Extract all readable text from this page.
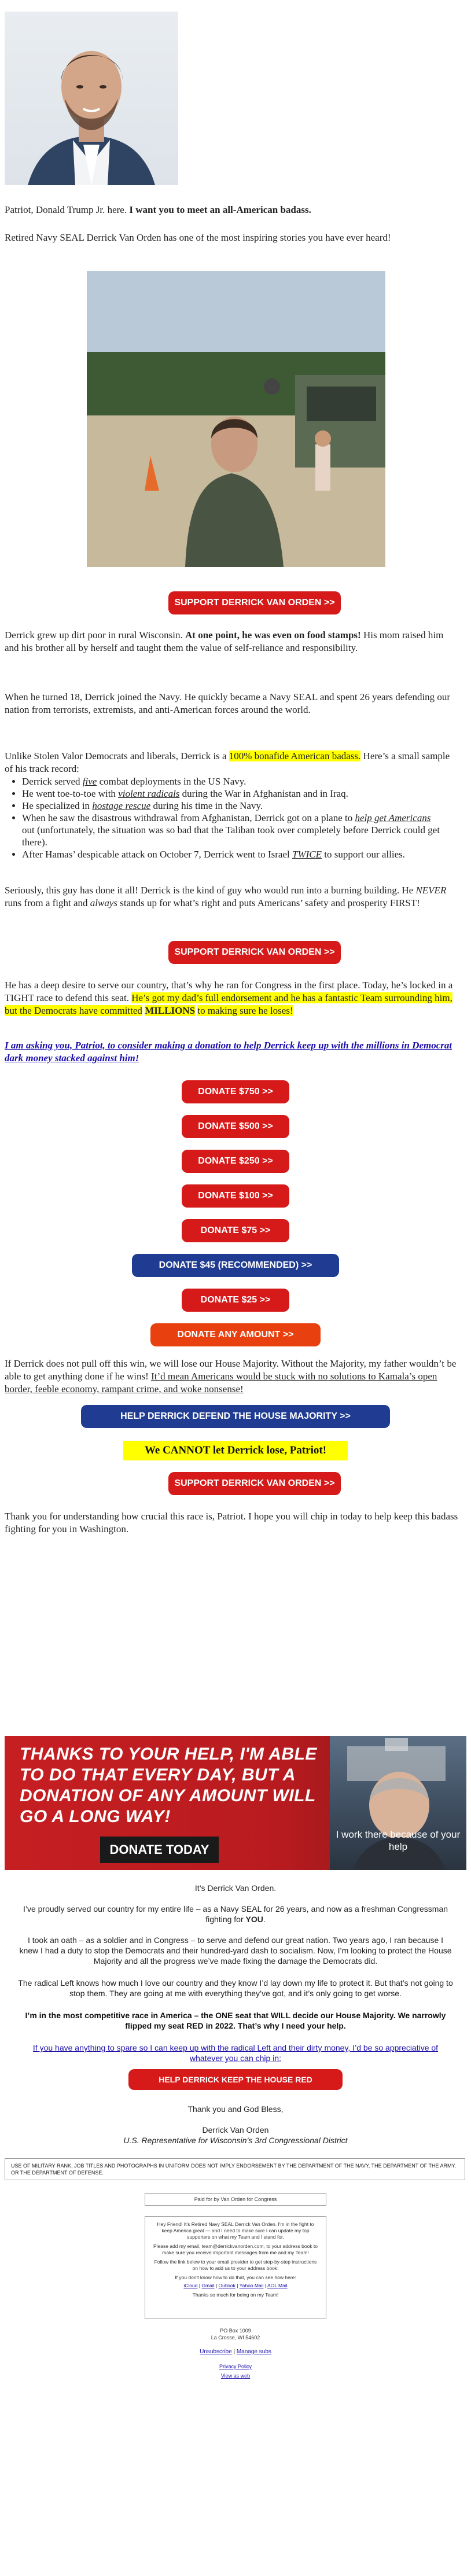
Patriot, Donald Trump Jr. here. I want you to meet an all-American badass.

Retired Navy SEAL Derrick Van Orden has one of the most inspiring stories you have ever heard!

SUPPORT DERRICK VAN ORDEN >>

Derrick grew up dirt poor in rural Wisconsin. At one point, he was even on food stamps! His mom raised him and his brother all by herself and taught them the value of self-reliance and responsibility.

When he turned 18, Derrick joined the Navy. He quickly became a Navy SEAL and spent 26 years defending our nation from terrorists, extremists, and anti-American forces around the world.

Unlike Stolen Valor Democrats and liberals, Derrick is a 100% bonafide American badass. Here’s a small sample of his track record:

• Derrick served five combat deployments in the US Navy.
• He went toe-to-toe with violent radicals during the War in Afghanistan and in Iraq.
• He specialized in hostage rescue during his time in the Navy.
• When he saw the disastrous withdrawal from Afghanistan, Derrick got on a plane to help get Americans out (unfortunately, the situation was so bad that the Taliban took over completely before Derrick could get there).
• After Hamas’ despicable attack on October 7, Derrick went to Israel TWICE to support our allies.

Seriously, this guy has done it all! Derrick is the kind of guy who would run into a burning building. He NEVER runs from a fight and always stands up for what’s right and puts Americans’ safety and prosperity FIRST!

SUPPORT DERRICK VAN ORDEN >>

He has a deep desire to serve our country, that’s why he ran for Congress in the first place. Today, he’s locked in a TIGHT race to defend this seat. He’s got my dad’s full endorsement and he has a fantastic Team surrounding him, but the Democrats have committed MILLIONS to making sure he loses!

I am asking you, Patriot, to consider making a donation to help Derrick keep up with the millions in Democrat dark money stacked against him!

DONATE $750 >>
DONATE $500 >>
DONATE $250 >>
DONATE $100 >>
DONATE $75 >>
DONATE $45 (RECOMMENDED) >>
DONATE $25 >>
DONATE ANY AMOUNT >>

If Derrick does not pull off this win, we will lose our House Majority. Without the Majority, my father wouldn’t be able to get anything done if he wins! It’d mean Americans would be stuck with no solutions to Kamala’s open border, feeble economy, rampant crime, and woke nonsense!

HELP DERRICK DEFEND THE HOUSE MAJORITY >>
We CANNOT let Derrick lose, Patriot!
SUPPORT DERRICK VAN ORDEN >>

Thank you for understanding how crucial this race is, Patriot. I hope you will chip in today to help keep this badass fighting for you in Washington.

THANKS TO YOUR HELP, I'M ABLE TO DO THAT EVERY DAY, BUT A DONATION OF ANY AMOUNT WILL GO A LONG WAY!
DONATE TODAY
I work there because of your help
It’s Derrick Van Orden.
I’ve proudly served our country for my entire life – as a Navy SEAL for 26 years, and now as a freshman Congressman fighting for YOU.
I took an oath – as a soldier and in Congress – to serve and defend our great nation. Two years ago, I ran because I knew I had a duty to stop the Democrats and their hundred-yard dash to socialism. Now, I’m looking to protect the House Majority and all the progress we’ve made fixing the damage the Democrats did.
The radical Left knows how much I love our country and they know I’d lay down my life to protect it. But that’s not going to stop them. They are going at me with everything they’ve got, and it’s only going to get worse.
I’m in the most competitive race in America – the ONE seat that WILL decide our House Majority. We narrowly flipped my seat RED in 2022. That’s why I need your help.
If you have anything to spare so I can keep up with the radical Left and their dirty money, I’d be so appreciative of whatever you can chip in:
HELP DERRICK KEEP THE HOUSE RED
Thank you and God Bless,
Derrick Van Orden
U.S. Representative for Wisconsin’s 3rd Congressional District
USE OF MILITARY RANK, JOB TITLES AND PHOTOGRAPHS IN UNIFORM DOES NOT IMPLY ENDORSEMENT BY THE DEPARTMENT OF THE NAVY, THE DEPARTMENT OF THE ARMY, OR THE DEPARTMENT OF DEFENSE.
Paid for by Van Orden for Congress
Hey Friend! It's Retired Navy SEAL Derrick Van Orden. I'm in the fight to keep America great — and I need to make sure I can update my top supporters on what my Team and I stand for.
Please add my email, team@derrickvanorden.com, to your address book to make sure you receive important messages from me and my Team!
Follow the link below to your email provider to get step-by-step instructions on how to add us to your address book:
If you don't know how to do that, you can see how here:
iCloud | Gmail | Outlook | Yahoo Mail | AOL Mail
Thanks so much for being on my Team!
PO Box 1009
La Crosse, WI 54602
Unsubscribe | Manage subs
Privacy Policy
View as web
